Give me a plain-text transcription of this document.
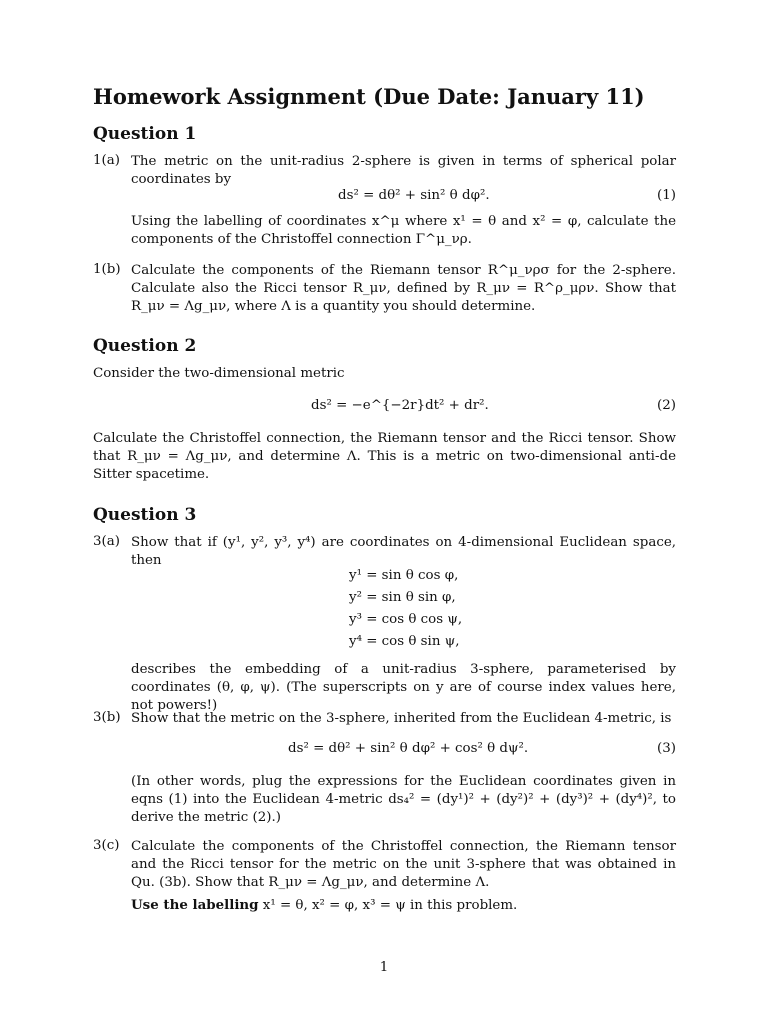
Homework Assignment (Due Date: January 11)
Question 1
1(a) The metric on the unit-radius 2-sphere is given in terms of spherical polar coordinates by
ds² = dθ² + sin² θ dφ².	(1)
Using the labelling of coordinates x^μ where x¹ = θ and x² = φ, calculate the components of the Christoffel connection Γ^μ_νρ.
1(b) Calculate the components of the Riemann tensor R^μ_νρσ for the 2-sphere. Calculate also the Ricci tensor R_μν, defined by R_μν = R^ρ_μρν. Show that R_μν = Λg_μν, where Λ is a quantity you should determine.
Question 2
Consider the two-dimensional metric
ds² = −e^{−2r}dt² + dr².	(2)
Calculate the Christoffel connection, the Riemann tensor and the Ricci tensor. Show that R_μν = Λg_μν, and determine Λ. This is a metric on two-dimensional anti-de Sitter spacetime.
Question 3
3(a) Show that if (y¹, y², y³, y⁴) are coordinates on 4-dimensional Euclidean space, then
y¹ = sin θ cos φ,
y² = sin θ sin φ,
y³ = cos θ cos ψ,
y⁴ = cos θ sin ψ,
describes the embedding of a unit-radius 3-sphere, parameterised by coordinates (θ, φ, ψ). (The superscripts on y are of course index values here, not powers!)
3(b) Show that the metric on the 3-sphere, inherited from the Euclidean 4-metric, is
ds² = dθ² + sin² θ dφ² + cos² θ dψ².	(3)
(In other words, plug the expressions for the Euclidean coordinates given in eqns (1) into the Euclidean 4-metric ds₄² = (dy¹)² + (dy²)² + (dy³)² + (dy⁴)², to derive the metric (2).)
3(c) Calculate the components of the Christoffel connection, the Riemann tensor and the Ricci tensor for the metric on the unit 3-sphere that was obtained in Qu. (3b). Show that R_μν = Λg_μν, and determine Λ.
Use the labelling x¹ = θ, x² = φ, x³ = ψ in this problem.
1
